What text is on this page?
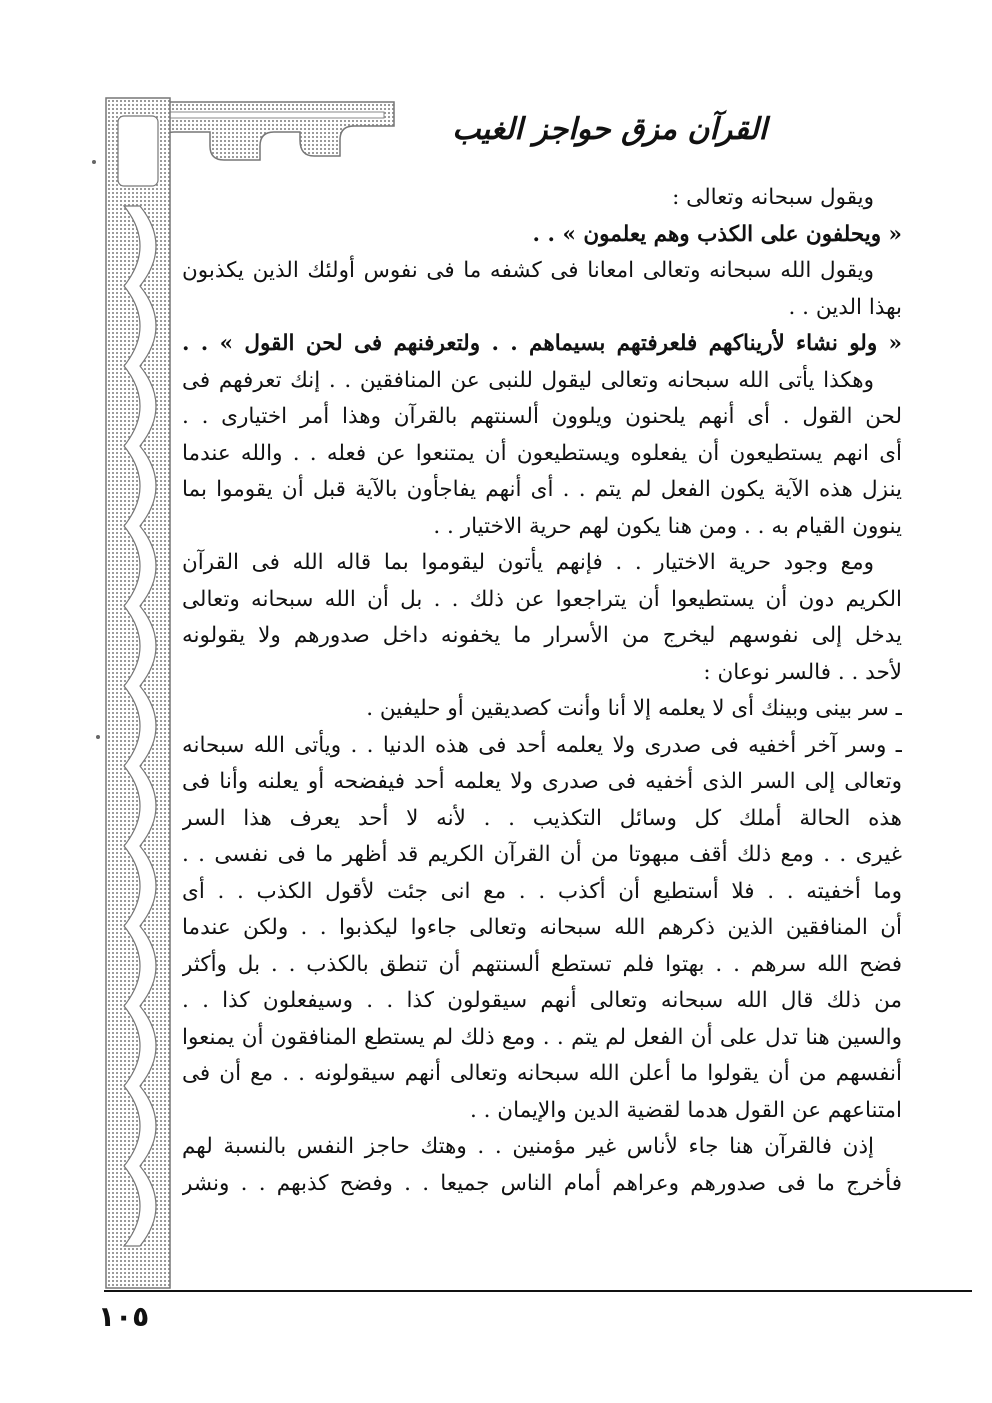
القرآن مزق حواجز الغيب
ويقول سبحانه وتعالى :
« ويحلفون على الكذب وهم يعلمون » . .
ويقول الله سبحانه وتعالى امعانا فى كشفه ما فى نفوس أولئك الذين يكذبون
بهذا الدين . .
« ولو نشاء لأريناكهم فلعرفتهم بسيماهم . . ولتعرفنهم فى لحن القول » . .
وهكذا يأتى الله سبحانه وتعالى ليقول للنبى عن المنافقين . . إنك تعرفهم فى
لحن القول . أى أنهم يلحنون ويلوون ألسنتهم بالقرآن وهذا أمر اختيارى . .
أى انهم يستطيعون أن يفعلوه ويستطيعون أن يمتنعوا عن فعله . . والله عندما
ينزل هذه الآية يكون الفعل لم يتم . . أى أنهم يفاجأون بالآية قبل أن يقوموا بما
ينوون القيام به . . ومن هنا يكون لهم حرية الاختيار . .
ومع وجود حرية الاختيار . . فإنهم يأتون ليقوموا بما قاله الله فى القرآن
الكريم دون أن يستطيعوا أن يتراجعوا عن ذلك . . بل أن الله سبحانه وتعالى
يدخل إلى نفوسهم ليخرج من الأسرار ما يخفونه داخل صدورهم ولا يقولونه
لأحد . . فالسر نوعان :
ـ سر بينى وبينك أى لا يعلمه إلا أنا وأنت كصديقين أو حليفين .
ـ وسر آخر أخفيه فى صدرى ولا يعلمه أحد فى هذه الدنيا . . ويأتى الله سبحانه
وتعالى إلى السر الذى أخفيه فى صدرى ولا يعلمه أحد فيفضحه أو يعلنه وأنا فى
هذه الحالة أملك كل وسائل التكذيب . . لأنه لا أحد يعرف هذا السر
غيرى . . ومع ذلك أقف مبهوتا من أن القرآن الكريم قد أظهر ما فى نفسى . .
وما أخفيته . . فلا أستطيع أن أكذب . . مع انى جئت لأقول الكذب . . أى
أن المنافقين الذين ذكرهم الله سبحانه وتعالى جاءوا ليكذبوا . . ولكن عندما
فضح الله سرهم . . بهتوا فلم تستطع ألسنتهم أن تنطق بالكذب . . بل وأكثر
من ذلك قال الله سبحانه وتعالى أنهم سيقولون كذا . . وسيفعلون كذا . .
والسين هنا تدل على أن الفعل لم يتم . . ومع ذلك لم يستطع المنافقون أن يمنعوا
أنفسهم من أن يقولوا ما أعلن الله سبحانه وتعالى أنهم سيقولونه . . مع أن فى
امتناعهم عن القول هدما لقضية الدين والإيمان . .
إذن فالقرآن هنا جاء لأناس غير مؤمنين . . وهتك حاجز النفس بالنسبة لهم
فأخرج ما فى صدورهم وعراهم أمام الناس جميعا . . وفضح كذبهم . . ونشر
١٠٥
